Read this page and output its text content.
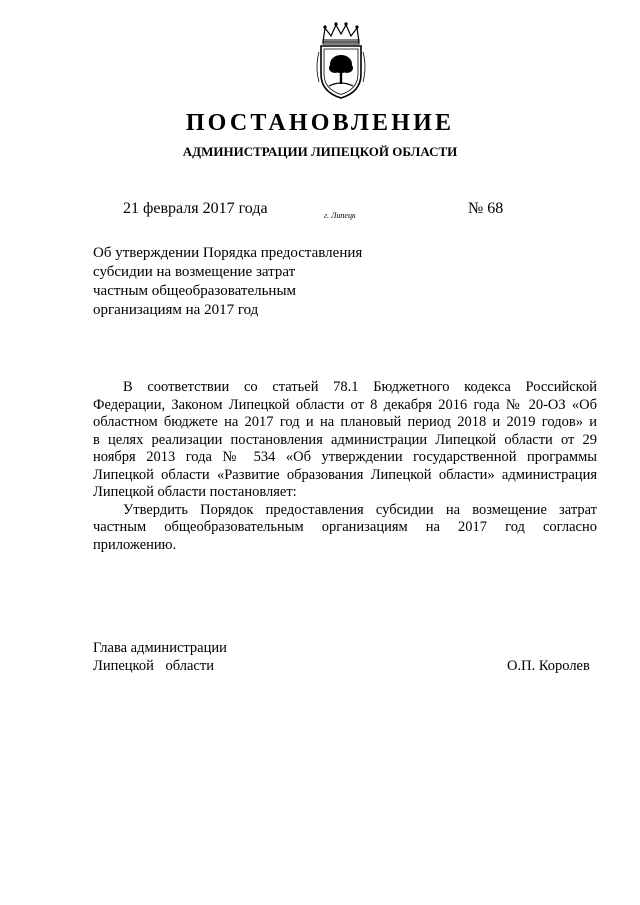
ПОСТАНОВЛЕНИЕ
АДМИНИСТРАЦИИ ЛИПЕЦКОЙ ОБЛАСТИ
21 февраля 2017 года	г. Липецк	№ 68
Об утверждении Порядка предоставления
субсидии на возмещение затрат
частным общеобразовательным
организациям на 2017 год

В соответствии со статьей 78.1 Бюджетного кодекса Российской
Федерации, Законом Липецкой области от 8 декабря 2016 года № 20-ОЗ «Об
областном бюджете на 2017 год и на плановый период 2018 и 2019 годов» и
в целях реализации постановления администрации Липецкой области от 29
ноября 2013 года № 534 «Об утверждении государственной программы
Липецкой области «Развитие образования Липецкой области» администрация
Липецкой области постановляет:

Утвердить Порядок предоставления субсидии на возмещение затрат
частным общеобразовательным организациям на 2017 год согласно
приложению.

Глава администрации
Липецкой области	О.П. Королев
